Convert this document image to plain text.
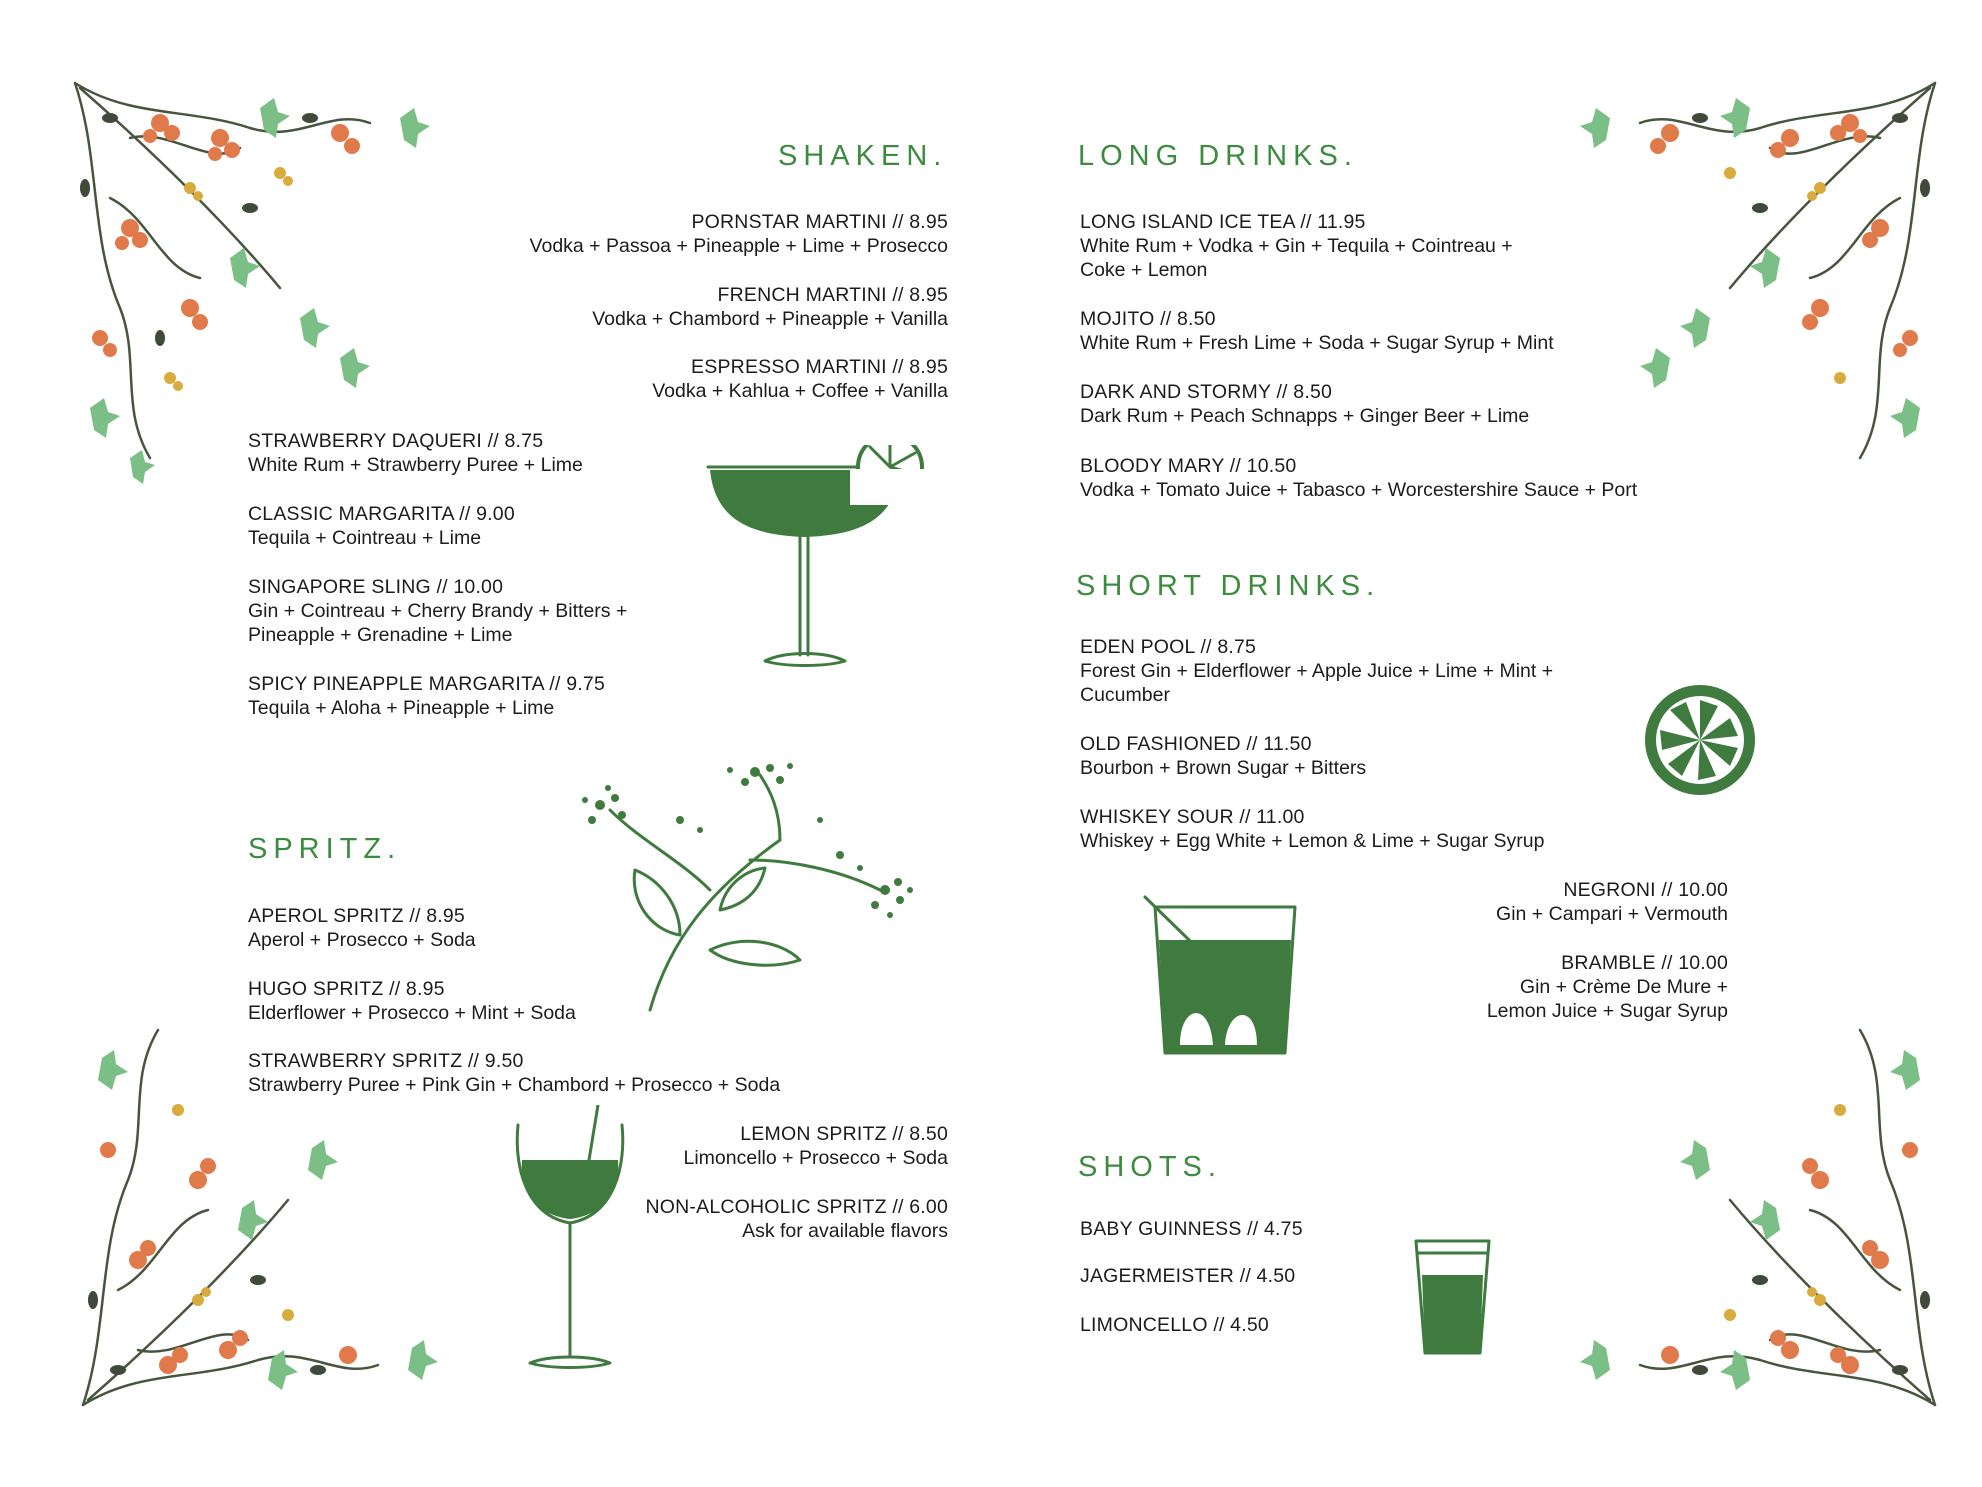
SHAKEN.
PORNSTAR MARTINI // 8.95
Vodka + Passoa + Pineapple + Lime + Prosecco
FRENCH MARTINI // 8.95
Vodka + Chambord + Pineapple + Vanilla
ESPRESSO MARTINI // 8.95
Vodka + Kahlua + Coffee + Vanilla
STRAWBERRY DAQUERI // 8.75
White Rum + Strawberry Puree + Lime
CLASSIC MARGARITA // 9.00
Tequila + Cointreau + Lime
SINGAPORE SLING // 10.00
Gin + Cointreau + Cherry Brandy + Bitters +
Pineapple + Grenadine + Lime
SPICY PINEAPPLE MARGARITA // 9.75
Tequila + Aloha + Pineapple + Lime
SPRITZ.
APEROL SPRITZ // 8.95
Aperol + Prosecco + Soda
HUGO SPRITZ // 8.95
Elderflower + Prosecco + Mint + Soda
STRAWBERRY SPRITZ // 9.50
Strawberry Puree + Pink Gin + Chambord + Prosecco + Soda
LEMON SPRITZ // 8.50
Limoncello + Prosecco + Soda
NON-ALCOHOLIC SPRITZ // 6.00
Ask for available flavors
LONG DRINKS.
LONG ISLAND ICE TEA // 11.95
White Rum + Vodka + Gin + Tequila + Cointreau +
Coke + Lemon
MOJITO // 8.50
White Rum + Fresh Lime + Soda + Sugar Syrup + Mint
DARK AND STORMY // 8.50
Dark Rum + Peach Schnapps + Ginger Beer + Lime
BLOODY MARY // 10.50
Vodka + Tomato Juice + Tabasco + Worcestershire Sauce + Port
SHORT DRINKS.
EDEN POOL // 8.75
Forest Gin + Elderflower + Apple Juice + Lime + Mint +
Cucumber
OLD FASHIONED // 11.50
Bourbon + Brown Sugar + Bitters
WHISKEY SOUR // 11.00
Whiskey + Egg White + Lemon & Lime + Sugar Syrup
NEGRONI // 10.00
Gin + Campari + Vermouth
BRAMBLE // 10.00
Gin + Crème De Mure +
Lemon Juice + Sugar Syrup
SHOTS.
BABY GUINNESS // 4.75
JAGERMEISTER // 4.50
LIMONCELLO // 4.50
